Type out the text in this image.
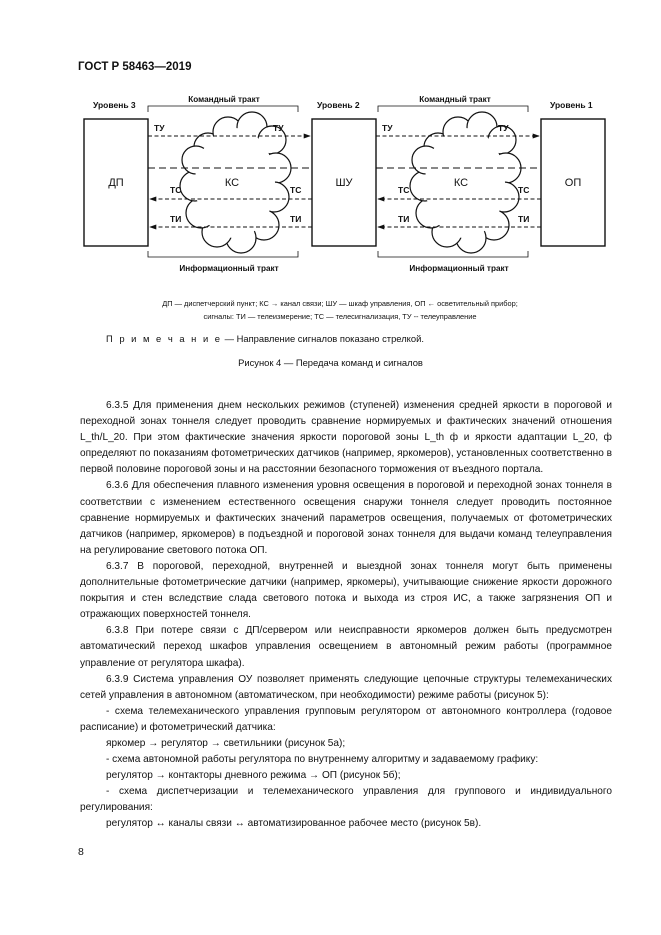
ГОСТ Р 58463—2019
Уровень 3	Уровень 2	Уровень 1
Командный тракт	Командный тракт
ДП	ШУ	ОП
КС	КС
ТУ	ТУ	ТУ	ТУ
ТС	ТС	ТС	ТС
ТИ	ТИ	ТИ	ТИ
Информационный тракт	Информационный тракт
ДП — диспетчерский пункт; КС → канал связи; ШУ — шкаф управления, ОП ← осветительный прибор;
сигналы: ТИ — телеизмерение; ТС — телесигнализация, ТУ -- телеуправление
П р и м е ч а н и е — Направление сигналов показано стрелкой.
Рисунок 4 — Передача команд и сигналов

6.3.5 Для применения днем нескольких режимов (ступеней) изменения средней яркости в пороговой и переходной зонах тоннеля следует проводить сравнение нормируемых и фактических значений отношения L_th/L_20. При этом фактические значения яркости пороговой зоны L_th ф и яркости адаптации L_20, ф определяют по показаниям фотометрических датчиков (например, яркомеров), установленных соответственно в первой половине пороговой зоны и на расстоянии безопасного торможения от въездного портала.

6.3.6 Для обеспечения плавного изменения уровня освещения в пороговой и переходной зонах тоннеля в соответствии с изменением естественного освещения снаружи тоннеля следует проводить постоянное сравнение нормируемых и фактических значений параметров освещения, получаемых от фотометрических датчиков (например, яркомеров) в подъездной и пороговой зонах тоннеля для выдачи команд телеуправления на регулирование светового потока ОП.

6.3.7 В пороговой, переходной, внутренней и выездной зонах тоннеля могут быть применены дополнительные фотометрические датчики (например, яркомеры), учитывающие снижение яркости дорожного покрытия и стен вследствие слада светового потока и выхода из строя ИС, а также загрязнения ОП и отражающих поверхностей тоннеля.

6.3.8 При потере связи с ДП/сервером или неисправности яркомеров должен быть предусмотрен автоматический переход шкафов управления освещением в автономный режим работы (программное управление от регулятора шкафа).

6.3.9 Система управления ОУ позволяет применять следующие цепочные структуры телемеханических сетей управления в автономном (автоматическом, при необходимости) режиме работы (рисунок 5):

- схема телемеханического управления групповым регулятором от автономного контроллера (годовое расписание) и фотометрический датчика:

яркомер → регулятор → светильники (рисунок 5а);

- схема автономной работы регулятора по внутреннему алгоритму и задаваемому графику:

регулятор → контакторы дневного режима → ОП (рисунок 5б);

- схема диспетчеризации и телемеханического управления для группового и индивидуального регулирования:

регулятор ↔ каналы связи ↔ автоматизированное рабочее место (рисунок 5в).

8
